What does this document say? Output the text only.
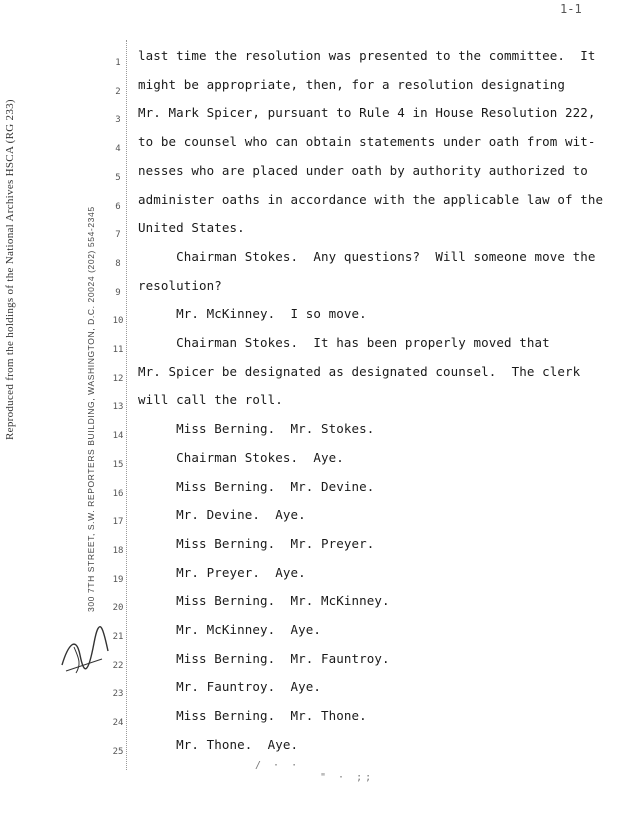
Reproduced from the holdings of the National Archives HSCA (RG 233)	300 7TH STREET, S.W. REPORTERS BUILDING, WASHINGTON, D.C. 20024 (202) 554-2345
1-1
1	last time the resolution was presented to the committee.  It
2	might be appropriate, then, for a resolution designating
3	Mr. Mark Spicer, pursuant to Rule 4 in House Resolution 222,
4	to be counsel who can obtain statements under oath from wit-
5	nesses who are placed under oath by authority authorized to
6	administer oaths in accordance with the applicable law of the
7	United States.
8	Chairman Stokes.  Any questions?  Will someone move the
9	resolution?
10	Mr. McKinney.  I so move.
11	Chairman Stokes.  It has been properly moved that
12	Mr. Spicer be designated as designated counsel.  The clerk
13	will call the roll.
14	Miss Berning.  Mr. Stokes.
15	Chairman Stokes.  Aye.
16	Miss Berning.  Mr. Devine.
17	Mr. Devine.  Aye.
18	Miss Berning.  Mr. Preyer.
19	Mr. Preyer.  Aye.
20	Miss Berning.  Mr. McKinney.
21	Mr. McKinney.  Aye.
22	Miss Berning.  Mr. Fauntroy.
23	Mr. Fauntroy.  Aye.
24	Miss Berning.  Mr. Thone.
25	Mr. Thone.  Aye.
/ · ·
" · ;;
